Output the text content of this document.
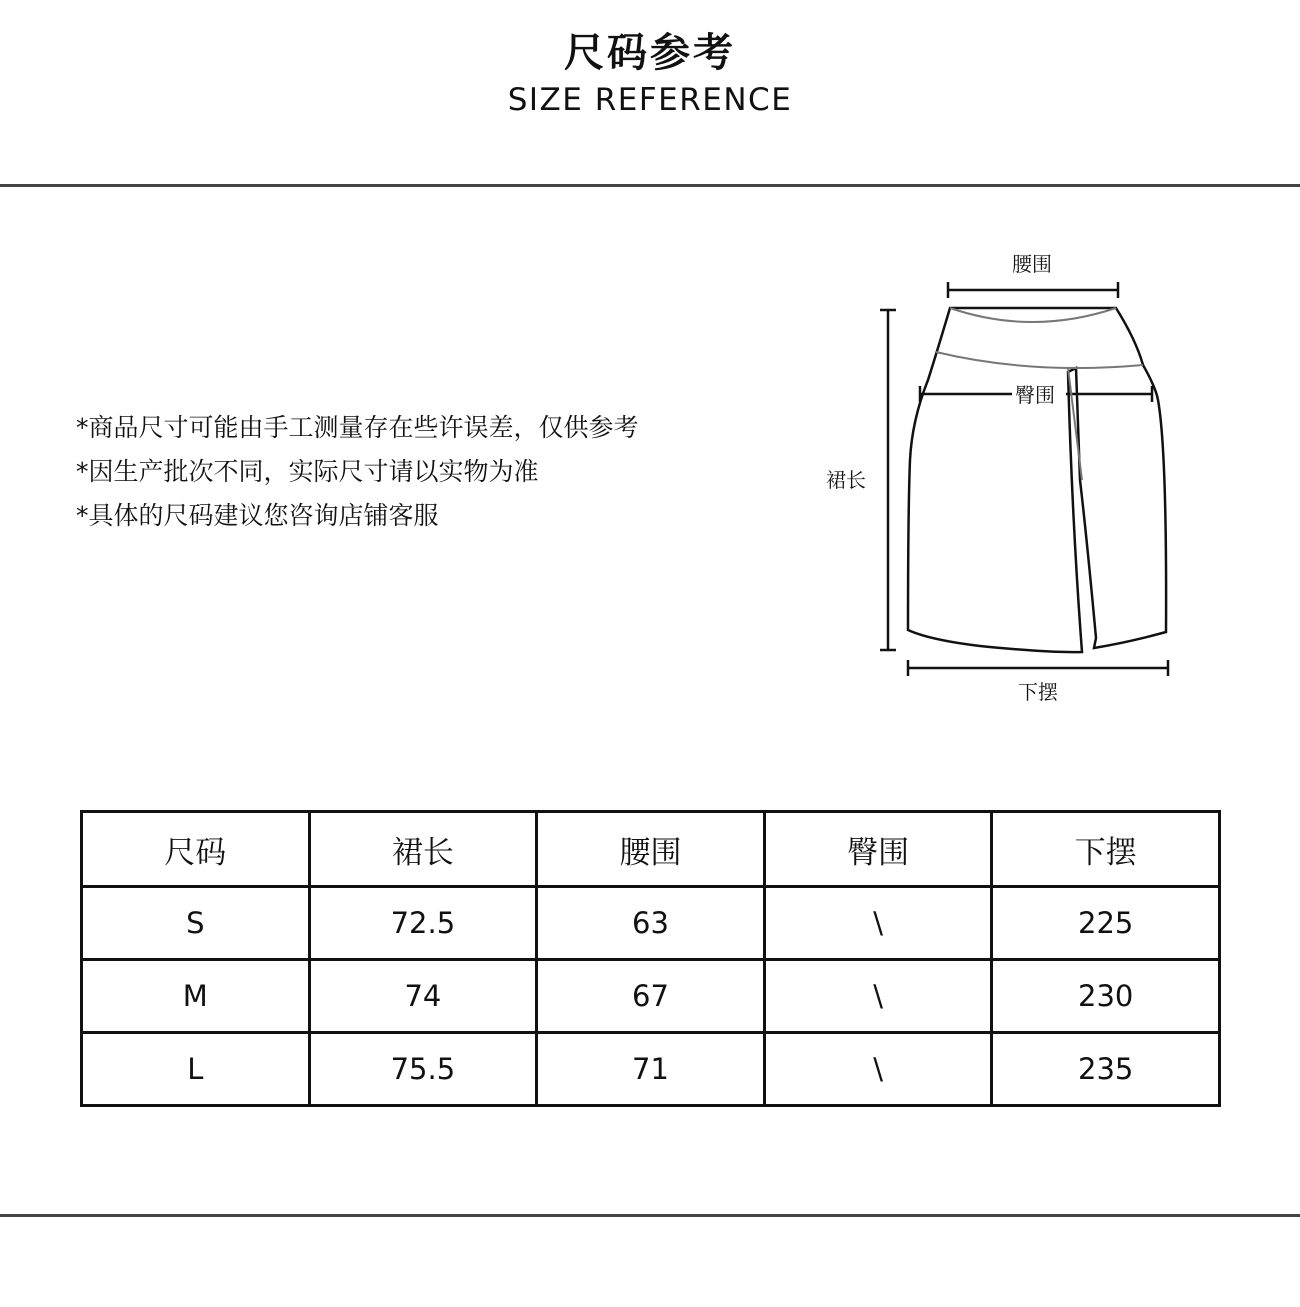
尺码参考
SIZE REFERENCE
*商品尺寸可能由手工测量存在些许误差，仅供参考
*因生产批次不同，实际尺寸请以实物为准
*具体的尺码建议您咨询店铺客服
腰围
臀围
裙长
下摆
尺码	裙长	腰围	臀围	下摆
S	72.5	63	\	225
M	74	67	\	230
L	75.5	71	\	235
